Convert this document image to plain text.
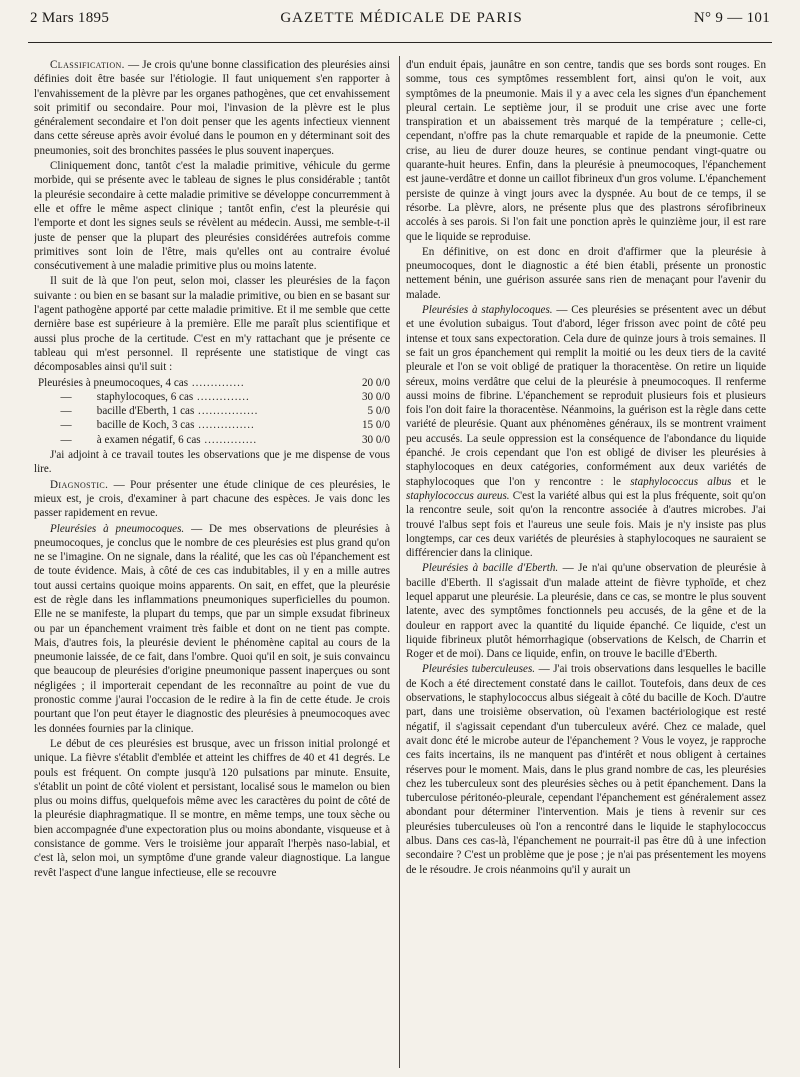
2 Mars 1895	GAZETTE MÉDICALE DE PARIS	N° 9 — 101

Classification. — Je crois qu'une bonne classification des pleurésies ainsi définies doit être basée sur l'étiologie. Il faut uniquement s'en rapporter à l'envahissement de la plèvre par les organes pathogènes, que cet envahissement soit primitif ou secondaire. Pour moi, l'invasion de la plèvre est le plus généralement secondaire et l'on doit penser que les agents infectieux viennent dans cette séreuse après avoir évolué dans le poumon en y déterminant soit des pneumonies, soit des bronchites passées le plus souvent inaperçues.

Cliniquement donc, tantôt c'est la maladie primitive, véhicule du germe morbide, qui se présente avec le tableau de signes le plus considérable ; tantôt la pleurésie secondaire à cette maladie primitive se développe concurremment à elle et offre le même aspect clinique ; tantôt enfin, c'est la pleurésie qui l'emporte et dont les signes seuls se révèlent au médecin. Aussi, me semble-t-il juste de penser que la plupart des pleurésies considérées autrefois comme primitives sont loin de l'être, mais qu'elles ont au contraire évolué consécutivement à une maladie primitive plus ou moins latente.

Il suit de là que l'on peut, selon moi, classer les pleurésies de la façon suivante : ou bien en se basant sur la maladie primitive, ou bien en se basant sur l'agent pathogène apporté par cette maladie primitive. Et il me semble que cette dernière base est supérieure à la première. Elle me paraît plus scientifique et aussi plus proche de la certitude. C'est en m'y rattachant que je présente ce tableau qui m'est personnel. Il représente une statistique de vingt cas décomposables ainsi qu'il suit :

Pleurésies à pneumocoques, 4 cas ..............	20 0/0
— staphylocoques, 6 cas ..............	30 0/0
— bacille d'Eberth, 1 cas ................	5 0/0
— bacille de Koch, 3 cas ...............	15 0/0
— à examen négatif, 6 cas ..............	30 0/0

J'ai adjoint à ce travail toutes les observations que je me dispense de vous lire.

Diagnostic. — Pour présenter une étude clinique de ces pleurésies, le mieux est, je crois, d'examiner à part chacune des espèces. Je vais donc les passer rapidement en revue.

Pleurésies à pneumocoques. — De mes observations de pleurésies à pneumocoques, je conclus que le nombre de ces pleurésies est plus grand qu'on ne se l'imagine. On ne signale, dans la réalité, que les cas où l'épanchement est de toute évidence. Mais, à côté de ces cas indubitables, il y en a mille autres tout aussi certains quoique moins apparents. On sait, en effet, que la pleurésie est de règle dans les inflammations pneumoniques superficielles du poumon. Elle ne se manifeste, la plupart du temps, que par un simple exsudat fibrineux ou par un épanchement vraiment très faible et dont on ne tient pas compte. Mais, d'autres fois, la pleurésie devient le phénomène capital au cours de la pneumonie laissée, de ce fait, dans l'ombre. Quoi qu'il en soit, je suis convaincu que beaucoup de pleurésies d'origine pneumonique passent inaperçues ou sont négligées ; il importerait cependant de les reconnaître au point de vue du pronostic comme j'aurai l'occasion de le redire à la fin de cette étude. Je crois pourtant que l'on peut étayer le diagnostic des pleurésies à pneumocoques avec les données fournies par la clinique.

Le début de ces pleurésies est brusque, avec un frisson initial prolongé et unique. La fièvre s'établit d'emblée et atteint les chiffres de 40 et 41 degrés. Le pouls est fréquent. On compte jusqu'à 120 pulsations par minute. Ensuite, s'établit un point de côté violent et persistant, localisé sous le mamelon ou bien plus ou moins diffus, quelquefois même avec les caractères du point de côté de la pleurésie diaphragmatique. Il se montre, en même temps, une toux sèche ou bien accompagnée d'une expectoration plus ou moins abondante, visqueuse et à consistance de gomme. Vers le troisième jour apparaît l'herpès naso-labial, et c'est là, selon moi, un symptôme d'une grande valeur diagnostique. La langue revêt l'aspect d'une langue infectieuse, elle se recouvre

d'un enduit épais, jaunâtre en son centre, tandis que ses bords sont rouges. En somme, tous ces symptômes ressemblent fort, ainsi qu'on le voit, aux symptômes de la pneumonie. Mais il y a avec cela les signes d'un épanchement pleural certain. Le septième jour, il se produit une crise avec une forte transpiration et un abaissement très marqué de la température ; celle-ci, cependant, n'offre pas la chute remarquable et rapide de la pneumonie. Cette crise, au lieu de durer douze heures, se continue pendant vingt-quatre ou quarante-huit heures. Enfin, dans la pleurésie à pneumocoques, l'épanchement est jaune-verdâtre et donne un caillot fibrineux d'un gros volume. L'épanchement persiste de quinze à vingt jours avec la dyspnée. Au bout de ce temps, il se résorbe. La plèvre, alors, ne présente plus que des plastrons sérofibrineux accolés à ses parois. Si l'on fait une ponction après le quinzième jour, il est rare que le liquide se reproduise.

En définitive, on est donc en droit d'affirmer que la pleurésie à pneumocoques, dont le diagnostic a été bien établi, présente un pronostic nettement bénin, une guérison assurée sans rien de menaçant pour l'avenir du malade.

Pleurésies à staphylocoques. — Ces pleurésies se présentent avec un début et une évolution subaigus. Tout d'abord, léger frisson avec point de côté peu intense et toux sans expectoration. Cela dure de quinze jours à trois semaines. Il se fait un gros épanchement qui remplit la moitié ou les deux tiers de la cavité pleurale et l'on se voit obligé de pratiquer la thoracentèse. On retire un liquide séreux, moins verdâtre que celui de la pleurésie à pneumocoques. Il renferme aussi moins de fibrine. L'épanchement se reproduit plusieurs fois et plusieurs fois l'on doit faire la thoracentèse. Néanmoins, la guérison est la règle dans cette variété de pleurésie. Quant aux phénomènes généraux, ils se montrent vraiment peu accusés. La seule oppression est la conséquence de l'abondance du liquide épanché. Je crois cependant que l'on est obligé de diviser les pleurésies à staphylocoques en deux catégories, conformément aux deux variétés de staphylocoques que l'on y rencontre : le staphylococcus albus et le staphylococcus aureus. C'est la variété albus qui est la plus fréquente, soit qu'on la rencontre seule, soit qu'on la rencontre associée à d'autres microbes. J'ai trouvé l'albus sept fois et l'aureus une seule fois. Mais je n'y insiste pas plus longtemps, car ces deux variétés de pleurésies à staphylocoques ne sauraient se différencier dans la clinique.

Pleurésies à bacille d'Eberth. — Je n'ai qu'une observation de pleurésie à bacille d'Eberth. Il s'agissait d'un malade atteint de fièvre typhoïde, et chez lequel apparut une pleurésie. La pleurésie, dans ce cas, se montre le plus souvent latente, avec des symptômes fonctionnels peu accusés, de la gêne et de la douleur en rapport avec la quantité du liquide épanché. Ce liquide, c'est un liquide fibrineux plutôt hémorrhagique (observations de Kelsch, de Charrin et Roger et de moi). Dans ce liquide, enfin, on trouve le bacille d'Eberth.

Pleurésies tuberculeuses. — J'ai trois observations dans lesquelles le bacille de Koch a été directement constaté dans le caillot. Toutefois, dans deux de ces observations, le staphylococcus albus siégeait à côté du bacille de Koch. D'autre part, dans une troisième observation, où l'examen bactériologique est resté négatif, il s'agissait cependant d'un tuberculeux avéré. Chez ce malade, quel avait donc été le microbe auteur de l'épanchement ? Vous le voyez, je rapproche ces faits incertains, ils ne manquent pas d'intérêt et nous obligent à certaines réserves pour le moment. Mais, dans le plus grand nombre de cas, les pleurésies chez les tuberculeux sont des pleurésies sèches ou à petit épanchement. Dans la tuberculose péritonéo-pleurale, cependant l'épanchement est généralement assez abondant pour déterminer l'intervention. Mais je tiens à revenir sur ces pleurésies tuberculeuses où l'on a rencontré dans le liquide le staphylococcus albus. Dans ces cas-là, l'épanchement ne pourrait-il pas être dû à une infection secondaire ? C'est un problème que je pose ; je n'ai pas présentement les moyens de le résoudre. Je crois néanmoins qu'il y aurait un
